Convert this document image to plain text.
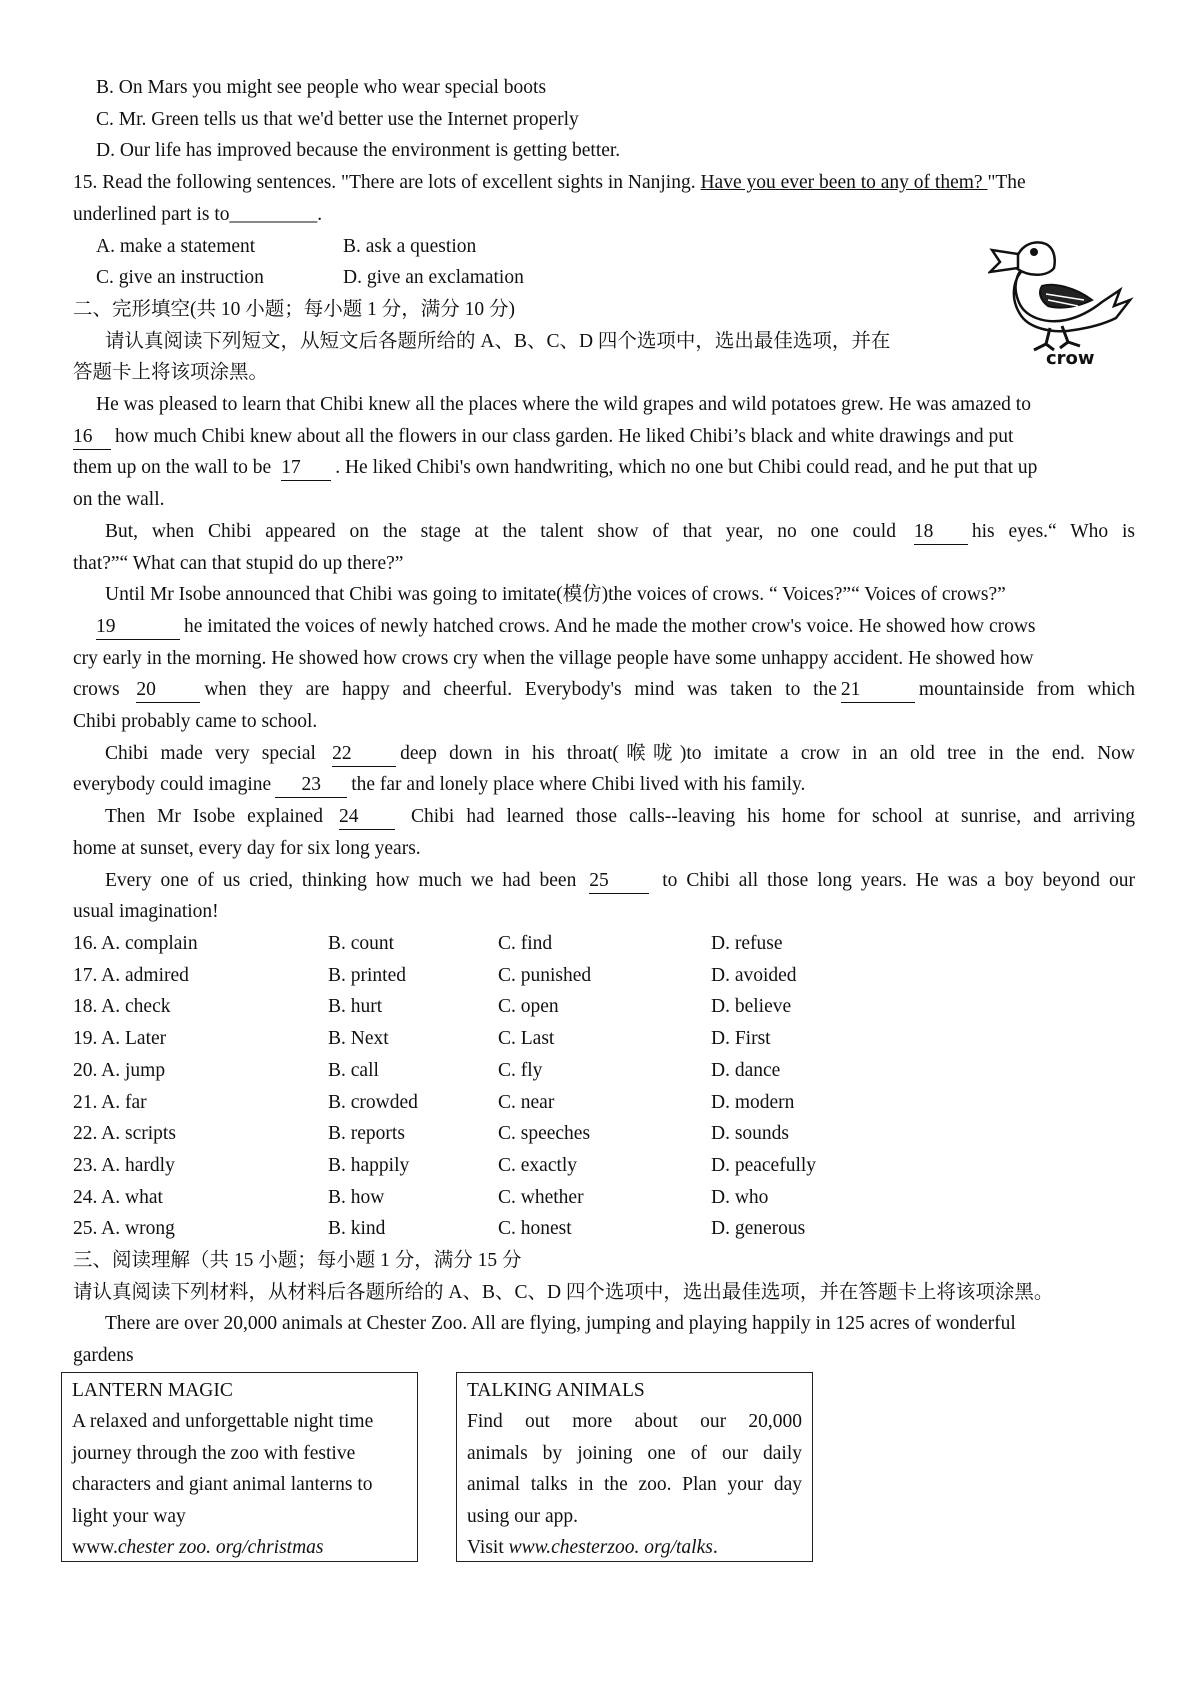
B. On Mars you might see people who wear special boots
C. Mr. Green tells us that we'd better use the Internet properly
D. Our life has improved because the environment is getting better.
15. Read the following sentences. "There are lots of excellent sights in Nanjing. Have you ever been to any of them? "The
underlined part is to_________.
A. make a statement	B. ask a question
C. give an instruction	D. give an exclamation
二、完形填空(共 10 小题；每小题 1 分，满分 10 分)
请认真阅读下列短文，从短文后各题所给的 A、B、C、D 四个选项中，选出最佳选项，并在
答题卡上将该项涂黑。
He was pleased to learn that Chibi knew all the places where the wild grapes and wild potatoes grew. He was amazed to
16 how much Chibi knew about all the flowers in our class garden. He liked Chibi’s black and white drawings and put
them up on the wall to be 17 . He liked Chibi's own handwriting, which no one but Chibi could read, and he put that up
on the wall.
But, when Chibi appeared on the stage at the talent show of that year, no one could 18 his eyes.“ Who is
that?”“ What can that stupid do up there?”
Until Mr Isobe announced that Chibi was going to imitate(模仿)the voices of crows. “ Voices?”“ Voices of crows?”
19	he imitated the voices of newly hatched crows. And he made the mother crow's voice. He showed how crows
cry early in the morning. He showed how crows cry when the village people have some unhappy accident. He showed how
crows 20 when they are happy and cheerful. Everybody's mind was taken to the 21	mountainside from which
Chibi probably came to school.
Chibi made very special 22 deep down in his throat(喉咙)to imitate a crow in an old tree in the end. Now
everybody could imagine 23 the far and lonely place where Chibi lived with his family.
Then Mr Isobe explained 24	Chibi had learned those calls--leaving his home for school at sunrise, and arriving
home at sunset, every day for six long years.
Every one of us cried, thinking how much we had been 25	to Chibi all those long years. He was a boy beyond our
usual imagination!
16. A. complain	B. count	C. find	D. refuse
17. A. admired	B. printed	C. punished	D. avoided
18. A. check	B. hurt	C. open	D. believe
19. A. Later	B. Next	C. Last	D. First
20. A. jump	B. call	C. fly	D. dance
21. A. far	B. crowded	C. near	D. modern
22. A. scripts	B. reports	C. speeches	D. sounds
23. A. hardly	B. happily	C. exactly	D. peacefully
24. A. what	B. how	C. whether	D. who
25. A. wrong	B. kind	C. honest	D. generous
三、阅读理解（共 15 小题；每小题 1 分，满分 15 分
请认真阅读下列材料，从材料后各题所给的 A、B、C、D 四个选项中，选出最佳选项，并在答题卡上将该项涂黑。
There are over 20,000 animals at Chester Zoo. All are flying, jumping and playing happily in 125 acres of wonderful
gardens
LANTERN MAGIC
A relaxed and unforgettable night time
journey through the zoo with festive
characters and giant animal lanterns to
light your way
www.chester zoo. org/christmas
TALKING ANIMALS
Find out more about our 20,000
animals by joining one of our daily
animal talks in the zoo. Plan your day
using our app.
Visit www.chesterzoo. org/talks.
crow
